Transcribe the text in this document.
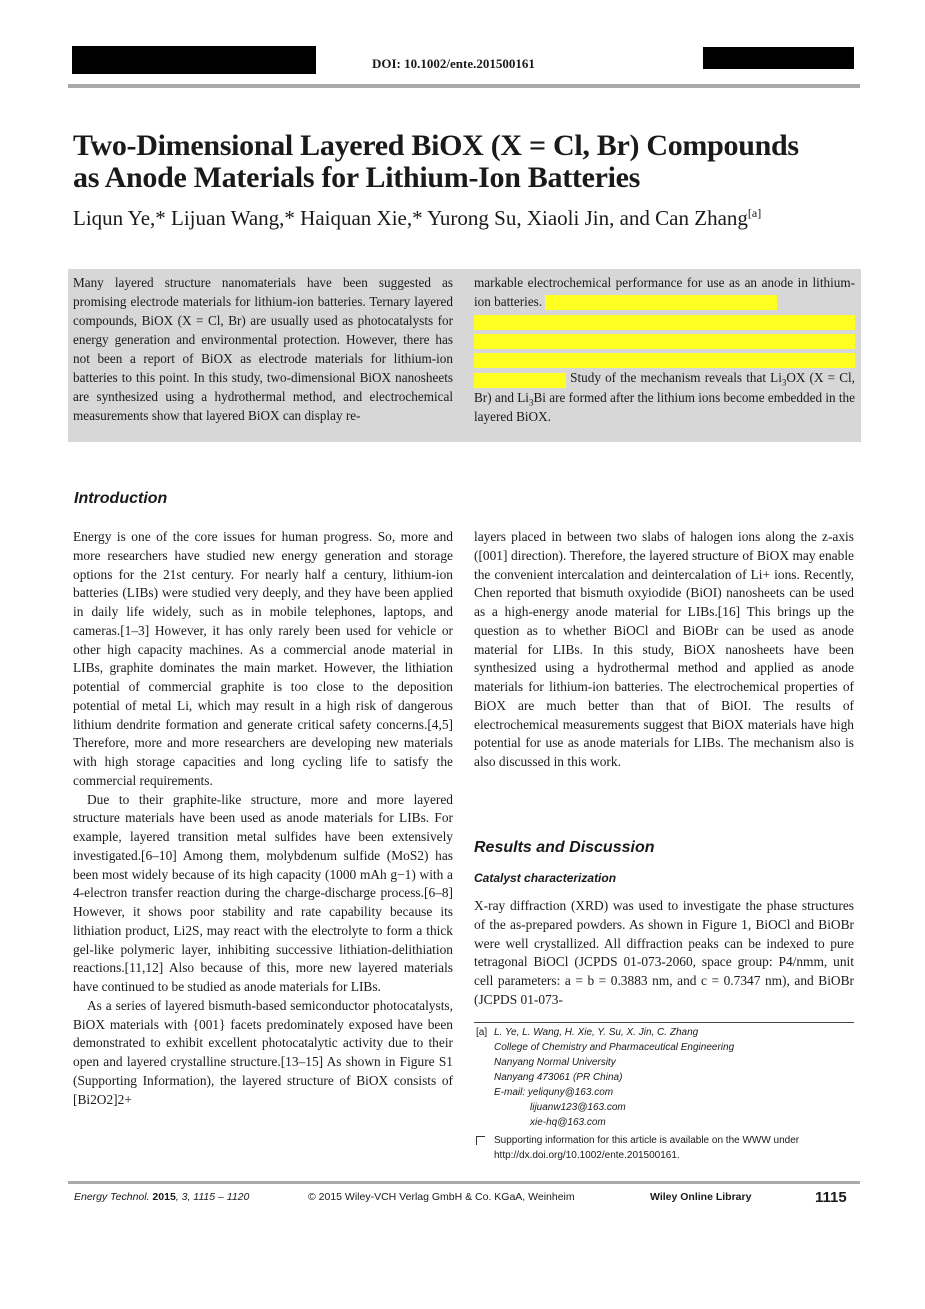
DOI: 10.1002/ente.201500161
Two-Dimensional Layered BiOX (X = Cl, Br) Compounds
as Anode Materials for Lithium-Ion Batteries
Liqun Ye,* Lijuan Wang,* Haiquan Xie,* Yurong Su, Xiaoli Jin, and Can Zhang[a]
Many layered structure nanomaterials have been suggested as promising electrode materials for lithium-ion batteries. Ternary layered compounds, BiOX (X = Cl, Br) are usually used as photocatalysts for energy generation and environmental protection. However, there has not been a report of BiOX as electrode materials for lithium-ion batteries to this point. In this study, two-dimensional BiOX nanosheets are synthesized using a hydrothermal method, and electrochemical measurements show that layered BiOX can display re-
markable electrochemical performance for use as an anode in lithium-ion batteries.
Study of the mechanism reveals that $Li_3OX$ (X = Cl, Br) and $Li_3Bi$ are formed after the lithium ions become embedded in the layered BiOX.
Introduction

Energy is one of the core issues for human progress. So, more and more researchers have studied new energy generation and storage options for the 21st century. For nearly half a century, lithium-ion batteries (LIBs) were studied very deeply, and they have been applied in daily life widely, such as in mobile telephones, laptops, and cameras.[1–3] However, it has only rarely been used for vehicle or other high capacity machines. As a commercial anode material in LIBs, graphite dominates the main market. However, the lithiation potential of commercial graphite is too close to the deposition potential of metal Li, which may result in a high risk of dangerous lithium dendrite formation and generate critical safety concerns.[4,5] Therefore, more and more researchers are developing new materials with high storage capacities and long cycling life to satisfy the commercial requirements.

Due to their graphite-like structure, more and more layered structure materials have been used as anode materials for LIBs. For example, layered transition metal sulfides have been extensively investigated.[6–10] Among them, molybdenum sulfide (MoS2) has been most widely because of its high capacity (1000 mAh g−1) with a 4-electron transfer reaction during the charge-discharge process.[6–8] However, it shows poor stability and rate capability because its lithiation product, Li2S, may react with the electrolyte to form a thick gel-like polymeric layer, inhibiting successive lithiation-delithiation reactions.[11,12] Also because of this, more new layered materials have continued to be studied as anode materials for LIBs.

As a series of layered bismuth-based semiconductor photocatalysts, BiOX materials with {001} facets predominately exposed have been demonstrated to exhibit excellent photocatalytic activity due to their open and layered crystalline structure.[13–15] As shown in Figure S1 (Supporting Information), the layered structure of BiOX consists of [Bi2O2]2+

layers placed in between two slabs of halogen ions along the z-axis ([001] direction). Therefore, the layered structure of BiOX may enable the convenient intercalation and deintercalation of Li+ ions. Recently, Chen reported that bismuth oxyiodide (BiOI) nanosheets can be used as a high-energy anode material for LIBs.[16] This brings up the question as to whether BiOCl and BiOBr can be used as anode material for LIBs. In this study, BiOX nanosheets have been synthesized using a hydrothermal method and applied as anode materials for lithium-ion batteries. The electrochemical properties of BiOX are much better than that of BiOI. The results of electrochemical measurements suggest that BiOX materials have high potential for use as anode materials for LIBs. The mechanism also is also discussed in this work.

Results and Discussion
Catalyst characterization

X-ray diffraction (XRD) was used to investigate the phase structures of the as-prepared powders. As shown in Figure 1, BiOCl and BiOBr were well crystallized. All diffraction peaks can be indexed to pure tetragonal BiOCl (JCPDS 01-073-2060, space group: P4/nmm, unit cell parameters: a = b = 0.3883 nm, and c = 0.7347 nm), and BiOBr (JCPDS 01-073-

[a] L. Ye, L. Wang, H. Xie, Y. Su, X. Jin, C. Zhang
College of Chemistry and Pharmaceutical Engineering
Nanyang Normal University
Nanyang 473061 (PR China)
E-mail: yeliquny@163.com
lijuanw123@163.com
xie-hq@163.com
Supporting information for this article is available on the WWW under
http://dx.doi.org/10.1002/ente.201500161.
Energy Technol. 2015, 3, 1115 – 1120	© 2015 Wiley-VCH Verlag GmbH & Co. KGaA, Weinheim	Wiley Online Library	1115
